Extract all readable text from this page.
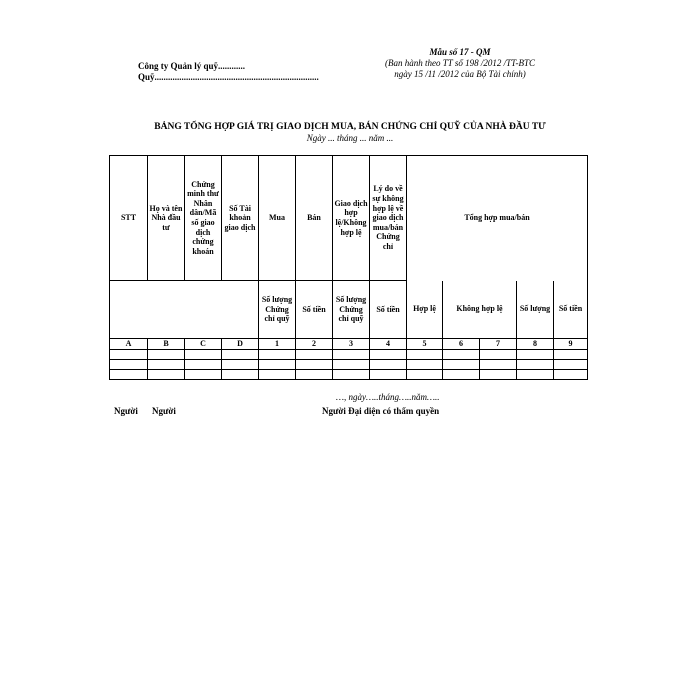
Công ty Quản lý quỹ............
Quỹ.........................................................................
Mẫu số 17 - QM
(Ban hành theo TT số 198 /2012 /TT-BTC
ngày 15 /11 /2012 của Bộ Tài chính)
BẢNG TỔNG HỢP GIÁ TRỊ GIAO DỊCH MUA, BÁN CHỨNG CHỈ QUỸ CỦA NHÀ ĐẦU TƯ
Ngày ... tháng ... năm ...
STT	Họ và tên Nhà đầu tư	Chứng minh thư Nhân dân/Mã số giao dịch chứng khoán	Số Tài khoản giao dịch	Mua	Bán	Giao dịch hợp lệ/Không hợp lệ	Lý do về sự không hợp lệ về giao dịch mua/bán Chứng chỉ	Tổng hợp mua/bán				
				Số lượng Chứng chỉ quỹ	Số tiền	Số lượng Chứng chỉ quỹ	Số tiền	Hợp lệ	Không hợp lệ		Số lượng	Số tiền
A	B	C	D	1	2	3	4	5	6	7	8	9

…, ngày…..tháng…..năm…..
Người Người	Người Đại diện có thẩm quyền
